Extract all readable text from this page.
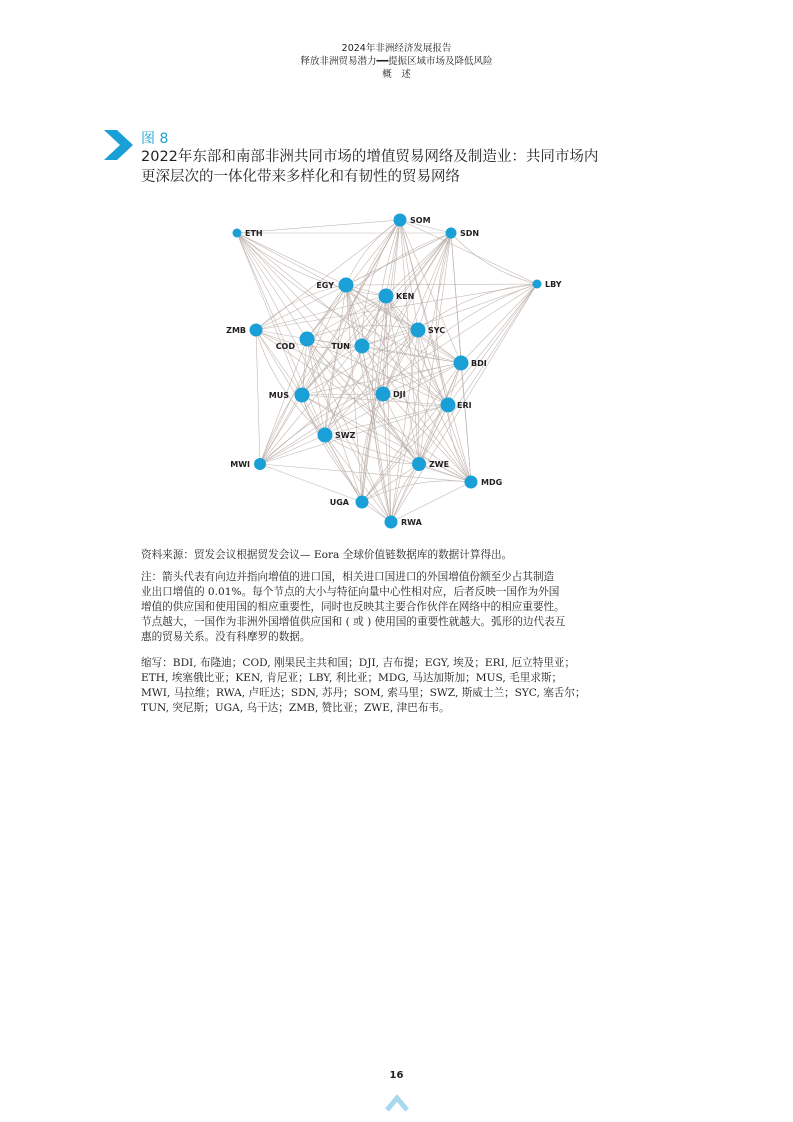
2024年非洲经济发展报告
释放非洲贸易潜力━━提振区域市场及降低风险
概　述
图 8
2022年东部和南部非洲共同市场的增值贸易网络及制造业：共同市场内
更深层次的一体化带来多样化和有韧性的贸易网络
ETH
SOM
SDN
LBY
EGY
KEN
ZMB	SYC
COD	TUN
BDI
MUS	DJI
ERI
SWZ
MWI	ZWE
MDG
UGA
RWA
资料来源：贸发会议根据贸发会议— Eora 全球价值链数据库的数据计算得出。
注：箭头代表有向边并指向增值的进口国，相关进口国进口的外国增值份额至少占其制造
业出口增值的 0.01%。每个节点的大小与特征向量中心性相对应，后者反映一国作为外国
增值的供应国和使用国的相应重要性，同时也反映其主要合作伙伴在网络中的相应重要性。
节点越大，一国作为非洲外国增值供应国和 ( 或 ) 使用国的重要性就越大。弧形的边代表互
惠的贸易关系。没有科摩罗的数据。
缩写：BDI, 布隆迪；COD, 刚果民主共和国；DJI, 吉布提；EGY, 埃及；ERI, 厄立特里亚；
ETH, 埃塞俄比亚；KEN, 肯尼亚；LBY, 利比亚；MDG, 马达加斯加；MUS, 毛里求斯；
MWI, 马拉维；RWA, 卢旺达；SDN, 苏丹；SOM, 索马里；SWZ, 斯威士兰；SYC, 塞舌尔；
TUN, 突尼斯；UGA, 乌干达；ZMB, 赞比亚；ZWE, 津巴布韦。
16
